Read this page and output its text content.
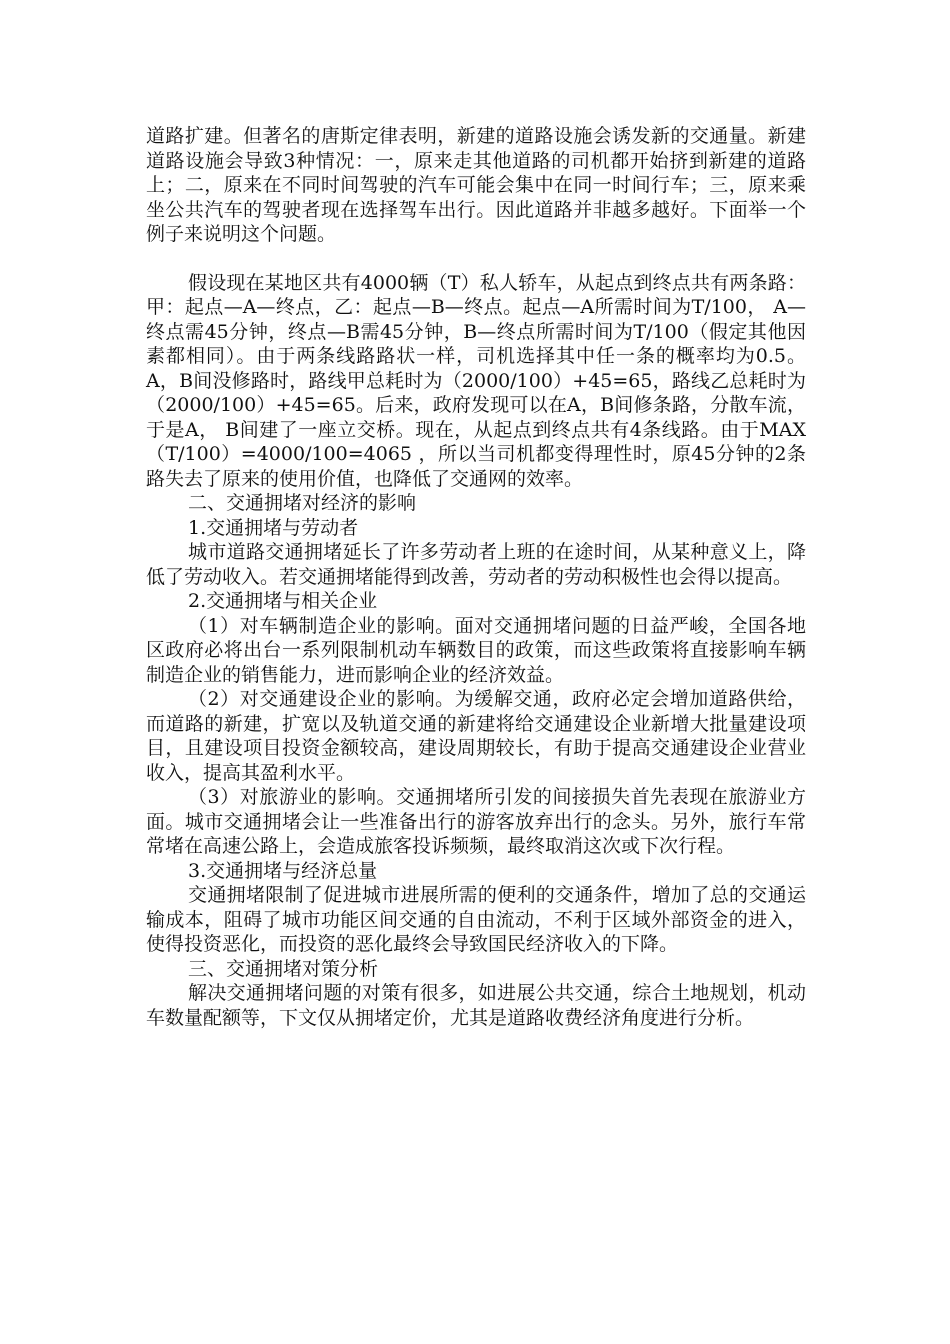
道路扩建。但著名的唐斯定律表明，新建的道路设施会诱发新的交通量。新建道路设施会导致3种情况：一，原来走其他道路的司机都开始挤到新建的道路上；二，原来在不同时间驾驶的汽车可能会集中在同一时间行车；三，原来乘坐公共汽车的驾驶者现在选择驾车出行。因此道路并非越多越好。下面举一个例子来说明这个问题。

假设现在某地区共有4000辆（T）私人轿车，从起点到终点共有两条路：甲：起点—A—终点，乙：起点—B—终点。起点—A所需时间为T/100， A—终点需45分钟，终点—B需45分钟，B—终点所需时间为T/100（假定其他因素都相同）。由于两条线路路状一样，司机选择其中任一条的概率均为0.5。A，B间没修路时，路线甲总耗时为（2000/100）+45=65，路线乙总耗时为（2000/100）+45=65。后来，政府发现可以在A，B间修条路，分散车流，于是A， B间建了一座立交桥。现在，从起点到终点共有4条线路。由于MAX（T/100）=4000/100=4065 ，所以当司机都变得理性时，原45分钟的2条路失去了原来的使用价值，也降低了交通网的效率。

二、交通拥堵对经济的影响

1.交通拥堵与劳动者

城市道路交通拥堵延长了许多劳动者上班的在途时间，从某种意义上，降低了劳动收入。若交通拥堵能得到改善，劳动者的劳动积极性也会得以提高。

2.交通拥堵与相关企业

（1）对车辆制造企业的影响。面对交通拥堵问题的日益严峻，全国各地区政府必将出台一系列限制机动车辆数目的政策，而这些政策将直接影响车辆制造企业的销售能力，进而影响企业的经济效益。

（2）对交通建设企业的影响。为缓解交通，政府必定会增加道路供给，而道路的新建，扩宽以及轨道交通的新建将给交通建设企业新增大批量建设项目，且建设项目投资金额较高，建设周期较长，有助于提高交通建设企业营业收入，提高其盈利水平。

（3）对旅游业的影响。交通拥堵所引发的间接损失首先表现在旅游业方面。城市交通拥堵会让一些准备出行的游客放弃出行的念头。另外，旅行车常常堵在高速公路上，会造成旅客投诉频频，最终取消这次或下次行程。

3.交通拥堵与经济总量

交通拥堵限制了促进城市进展所需的便利的交通条件，增加了总的交通运输成本，阻碍了城市功能区间交通的自由流动，不利于区域外部资金的进入，使得投资恶化，而投资的恶化最终会导致国民经济收入的下降。

三、交通拥堵对策分析

解决交通拥堵问题的对策有很多，如进展公共交通，综合土地规划，机动车数量配额等，下文仅从拥堵定价，尤其是道路收费经济角度进行分析。
